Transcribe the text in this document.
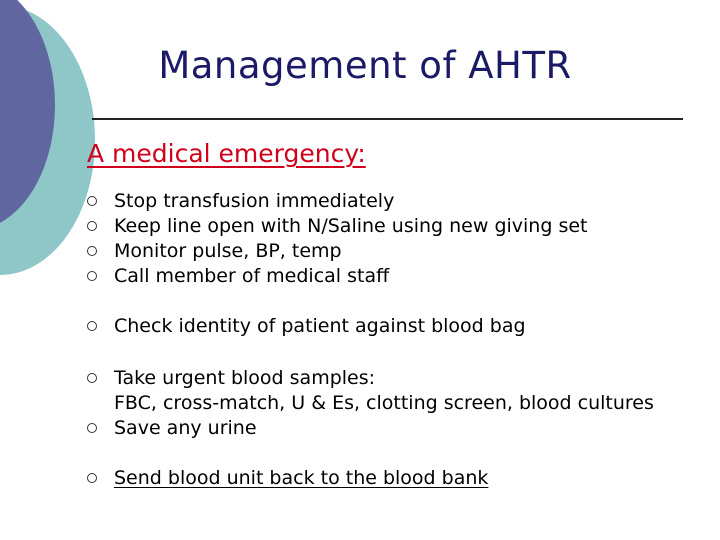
Management of AHTR
A medical emergency:
Stop transfusion immediately
Keep line open with N/Saline using new giving set
Monitor pulse, BP, temp
Call member of medical staff
Check identity of patient against blood bag
Take urgent blood samples:
FBC, cross-match, U & Es, clotting screen, blood cultures
Save any urine
Send blood unit back to the blood bank
